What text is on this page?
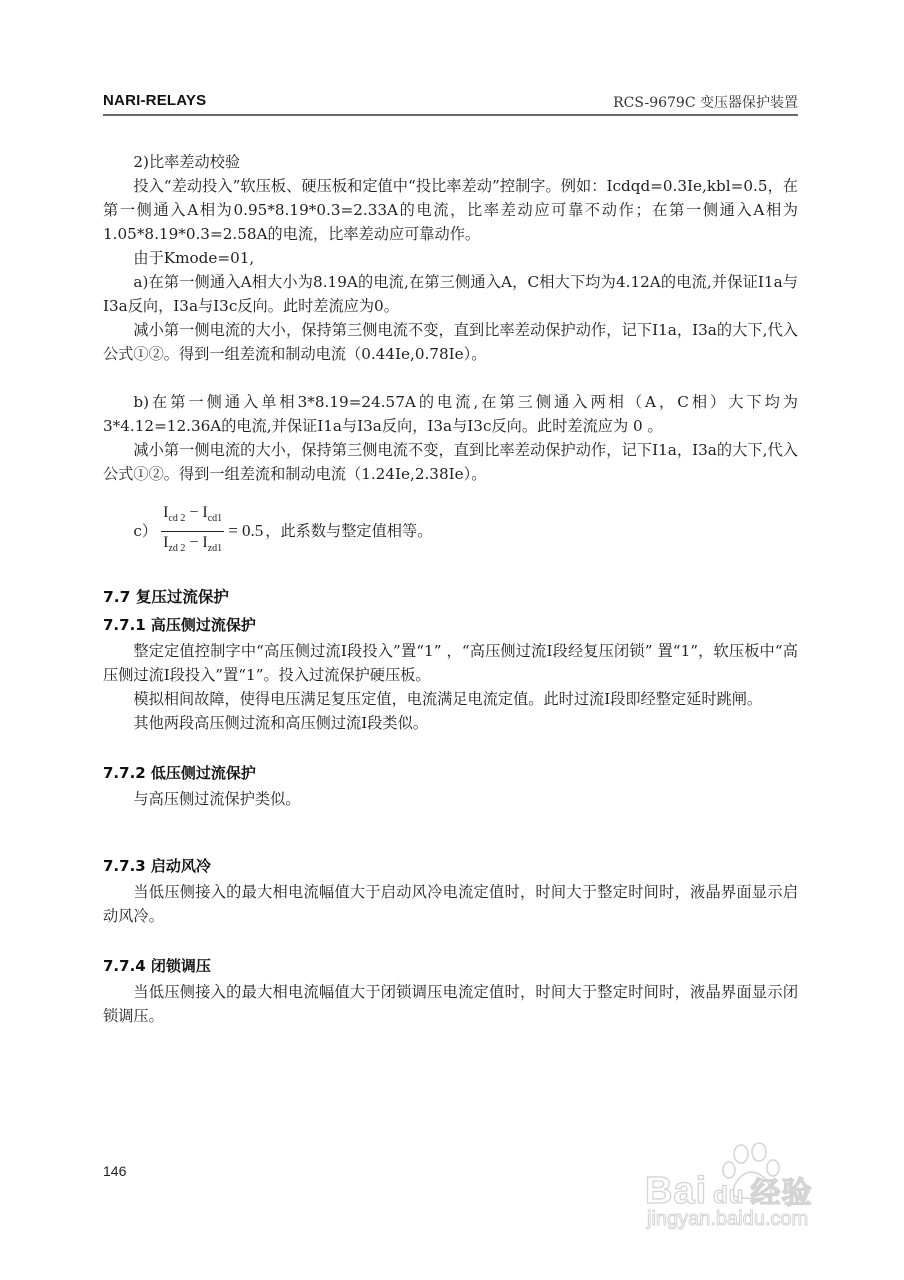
NARI-RELAYS	RCS-9679C 变压器保护装置

2)比率差动校验

投入“差动投入”软压板、硬压板和定值中“投比率差动”控制字。例如：Icdqd=0.3Ie,kbl=0.5，在第一侧通入A相为0.95*8.19*0.3=2.33A的电流，比率差动应可靠不动作；在第一侧通入A相为1.05*8.19*0.3=2.58A的电流，比率差动应可靠动作。

由于Kmode=01,

a)在第一侧通入A相大小为8.19A的电流,在第三侧通入A，C相大下均为4.12A的电流,并保证I1a与I3a反向，I3a与I3c反向。此时差流应为0。

减小第一侧电流的大小，保持第三侧电流不变，直到比率差动保护动作，记下I1a，I3a的大下,代入公式①②。得到一组差流和制动电流（0.44Ie,0.78Ie）。

b)在第一侧通入单相3*8.19=24.57A的电流,在第三侧通入两相（A，C相）大下均为3*4.12=12.36A的电流,并保证I1a与I3a反向，I3a与I3c反向。此时差流应为 0 。

减小第一侧电流的大小，保持第三侧电流不变，直到比率差动保护动作，记下I1a，I3a的大下,代入公式①②。得到一组差流和制动电流（1.24Ie,2.38Ie）。

$c) \frac{I_{cd 2} - I_{cd1}}{I_{zd 2} - I_{zd1}} = 0.5$ ，此系数与整定值相等。

7.7 复压过流保护

7.7.1 高压侧过流保护

整定定值控制字中“高压侧过流Ⅰ段投入”置“1” ，“高压侧过流Ⅰ段经复压闭锁” 置“1”，软压板中“高压侧过流Ⅰ段投入”置“1”。投入过流保护硬压板。

模拟相间故障，使得电压满足复压定值，电流满足电流定值。此时过流Ⅰ段即经整定延时跳闸。

其他两段高压侧过流和高压侧过流Ⅰ段类似。

7.7.2 低压侧过流保护

与高压侧过流保护类似。

7.7.3 启动风冷

当低压侧接入的最大相电流幅值大于启动风冷电流定值时，时间大于整定时间时，液晶界面显示启动风冷。

7.7.4 闭锁调压

当低压侧接入的最大相电流幅值大于闭锁调压电流定值时，时间大于整定时间时，液晶界面显示闭锁调压。

146	Bai du 经验
jingyan.baidu.com
